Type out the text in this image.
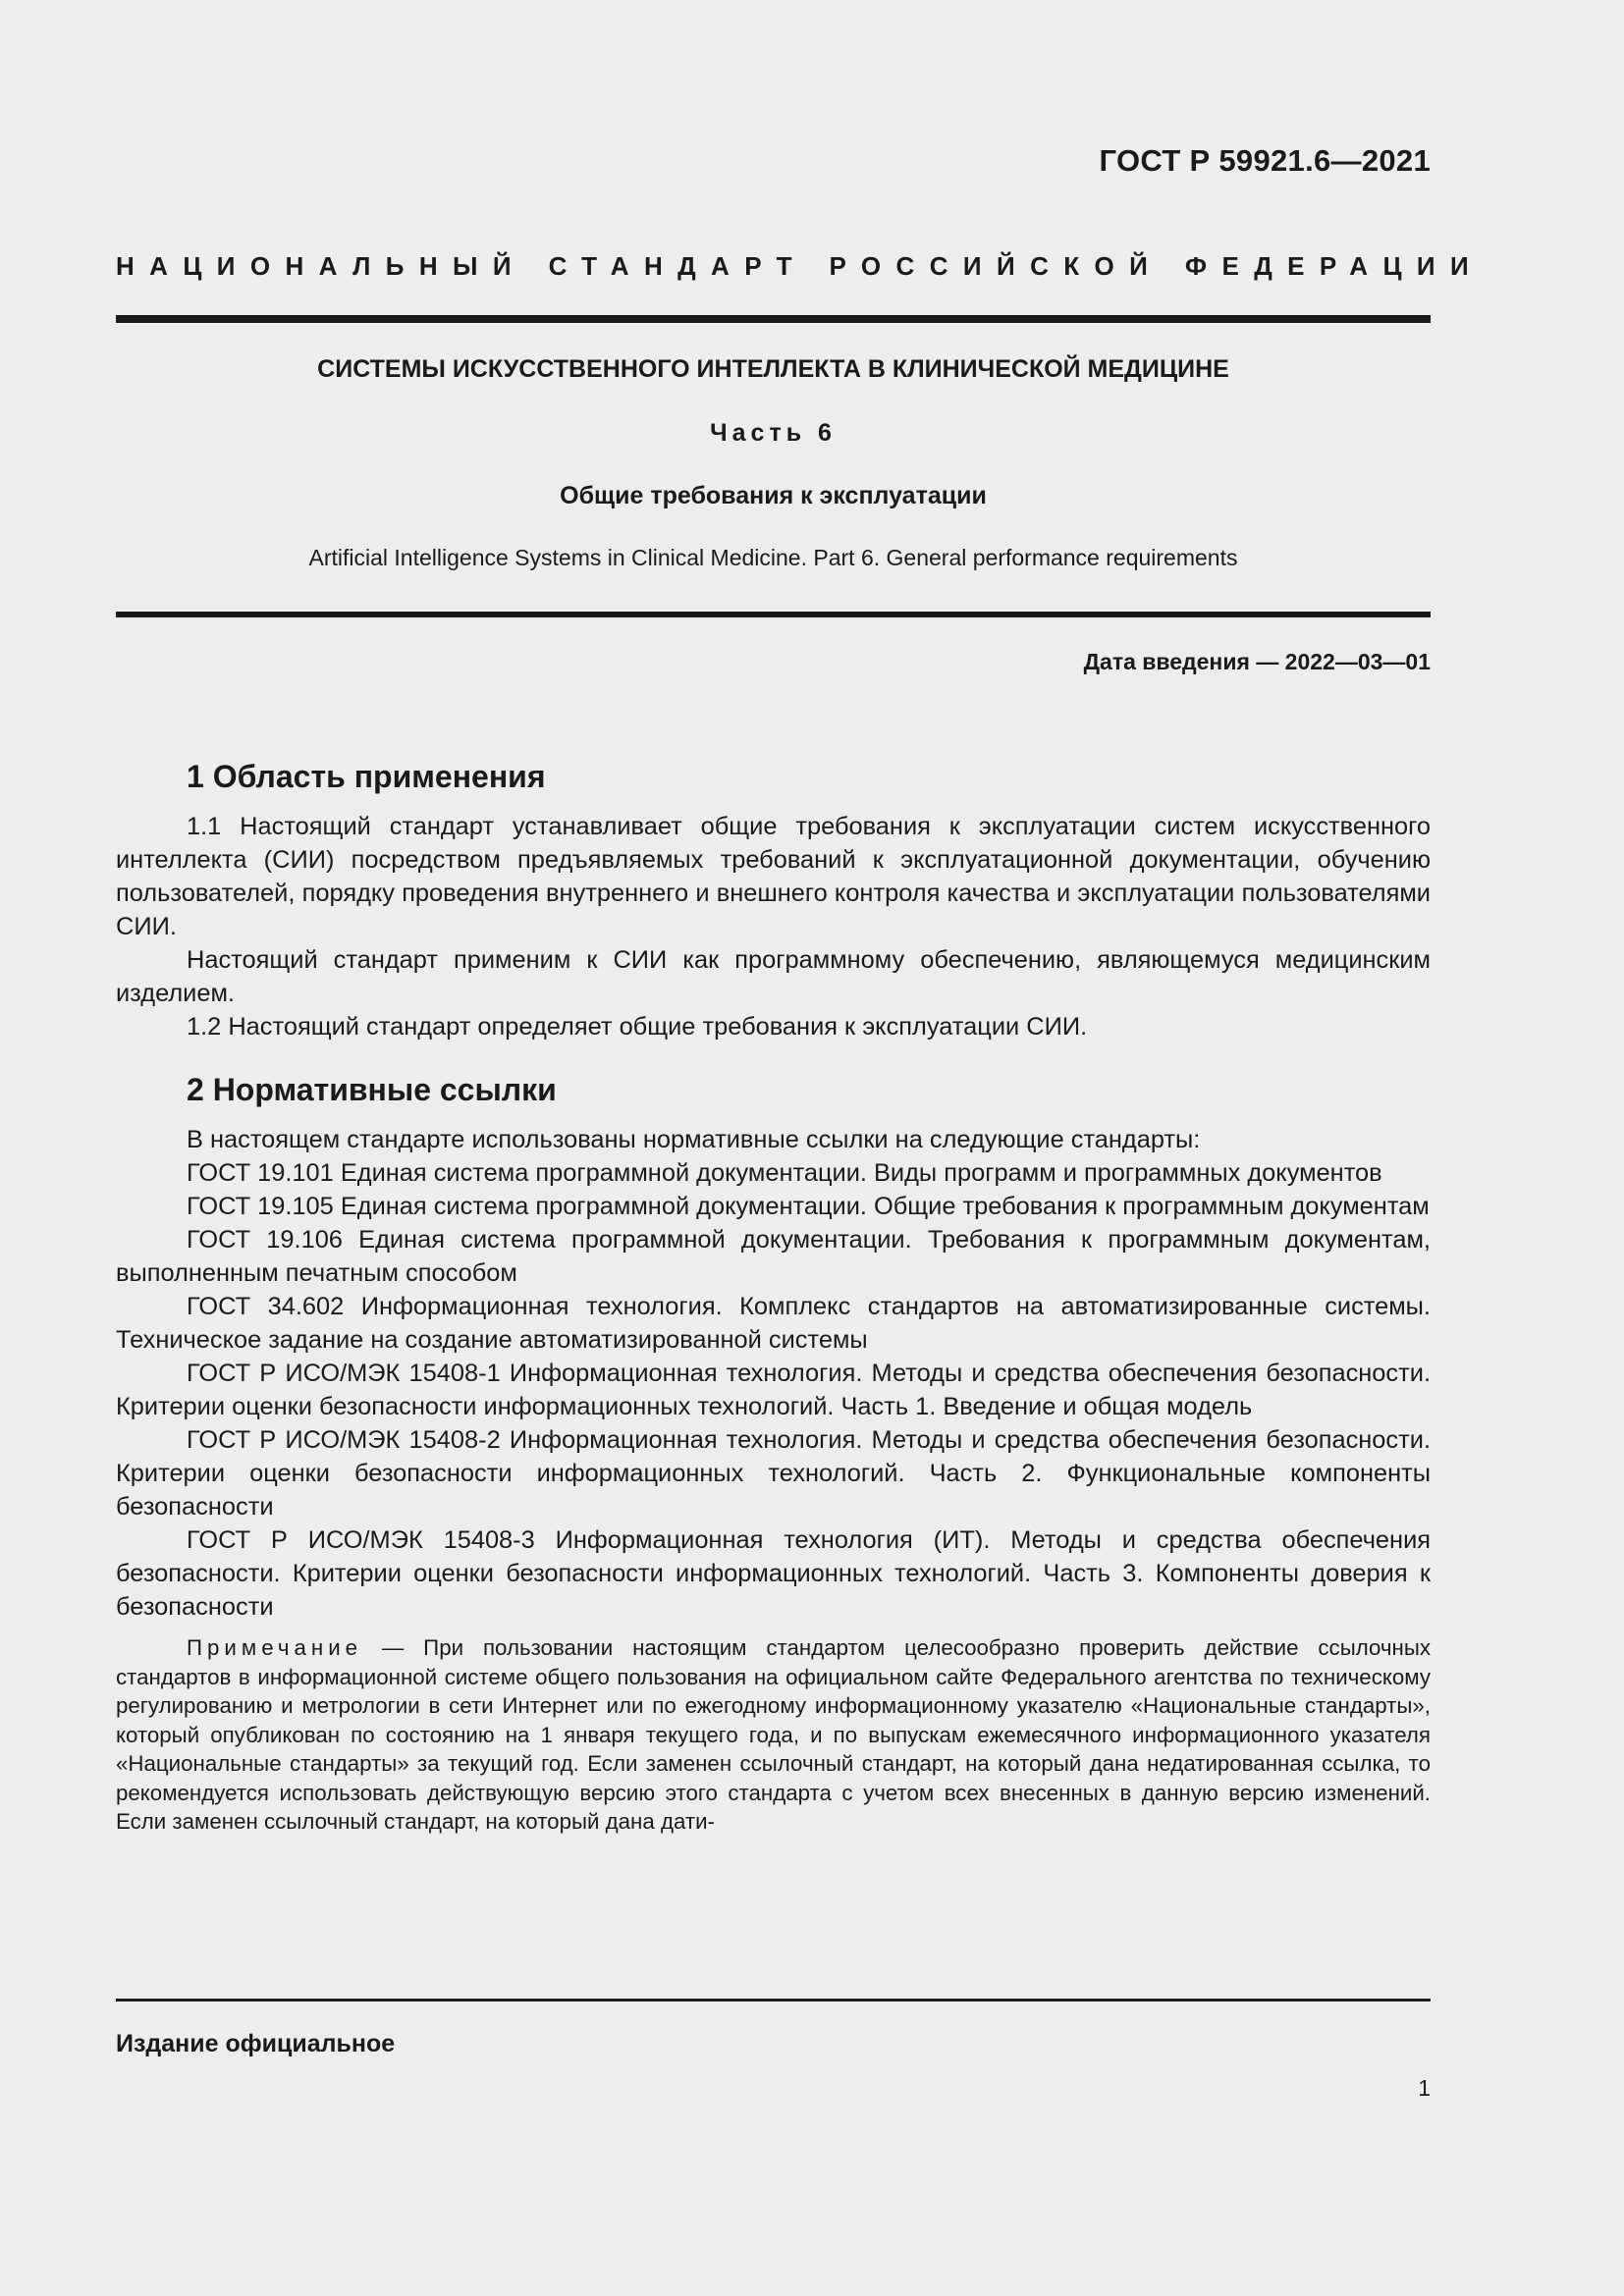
ГОСТ Р 59921.6—2021
НАЦИОНАЛЬНЫЙ СТАНДАРТ РОССИЙСКОЙ ФЕДЕРАЦИИ
СИСТЕМЫ ИСКУССТВЕННОГО ИНТЕЛЛЕКТА В КЛИНИЧЕСКОЙ МЕДИЦИНЕ
Часть 6
Общие требования к эксплуатации
Artificial Intelligence Systems in Clinical Medicine. Part 6. General performance requirements
Дата введения — 2022—03—01
1 Область применения

1.1 Настоящий стандарт устанавливает общие требования к эксплуатации систем искусственного интеллекта (СИИ) посредством предъявляемых требований к эксплуатационной документации, обучению пользователей, порядку проведения внутреннего и внешнего контроля качества и эксплуатации пользователями СИИ.

Настоящий стандарт применим к СИИ как программному обеспечению, являющемуся медицинским изделием.

1.2 Настоящий стандарт определяет общие требования к эксплуатации СИИ.

2 Нормативные ссылки

В настоящем стандарте использованы нормативные ссылки на следующие стандарты:

ГОСТ 19.101 Единая система программной документации. Виды программ и программных документов

ГОСТ 19.105 Единая система программной документации. Общие требования к программным документам

ГОСТ 19.106 Единая система программной документации. Требования к программным документам, выполненным печатным способом

ГОСТ 34.602 Информационная технология. Комплекс стандартов на автоматизированные системы. Техническое задание на создание автоматизированной системы

ГОСТ Р ИСО/МЭК 15408-1 Информационная технология. Методы и средства обеспечения безопасности. Критерии оценки безопасности информационных технологий. Часть 1. Введение и общая модель

ГОСТ Р ИСО/МЭК 15408-2 Информационная технология. Методы и средства обеспечения безопасности. Критерии оценки безопасности информационных технологий. Часть 2. Функциональные компоненты безопасности

ГОСТ Р ИСО/МЭК 15408-3 Информационная технология (ИТ). Методы и средства обеспечения безопасности. Критерии оценки безопасности информационных технологий. Часть 3. Компоненты доверия к безопасности

Примечание — При пользовании настоящим стандартом целесообразно проверить действие ссылочных стандартов в информационной системе общего пользования на официальном сайте Федерального агентства по техническому регулированию и метрологии в сети Интернет или по ежегодному информационному указателю «Национальные стандарты», который опубликован по состоянию на 1 января текущего года, и по выпускам ежемесячного информационного указателя «Национальные стандарты» за текущий год. Если заменен ссылочный стандарт, на который дана недатированная ссылка, то рекомендуется использовать действующую версию этого стандарта с учетом всех внесенных в данную версию изменений. Если заменен ссылочный стандарт, на который дана дати-

Издание официальное
1
